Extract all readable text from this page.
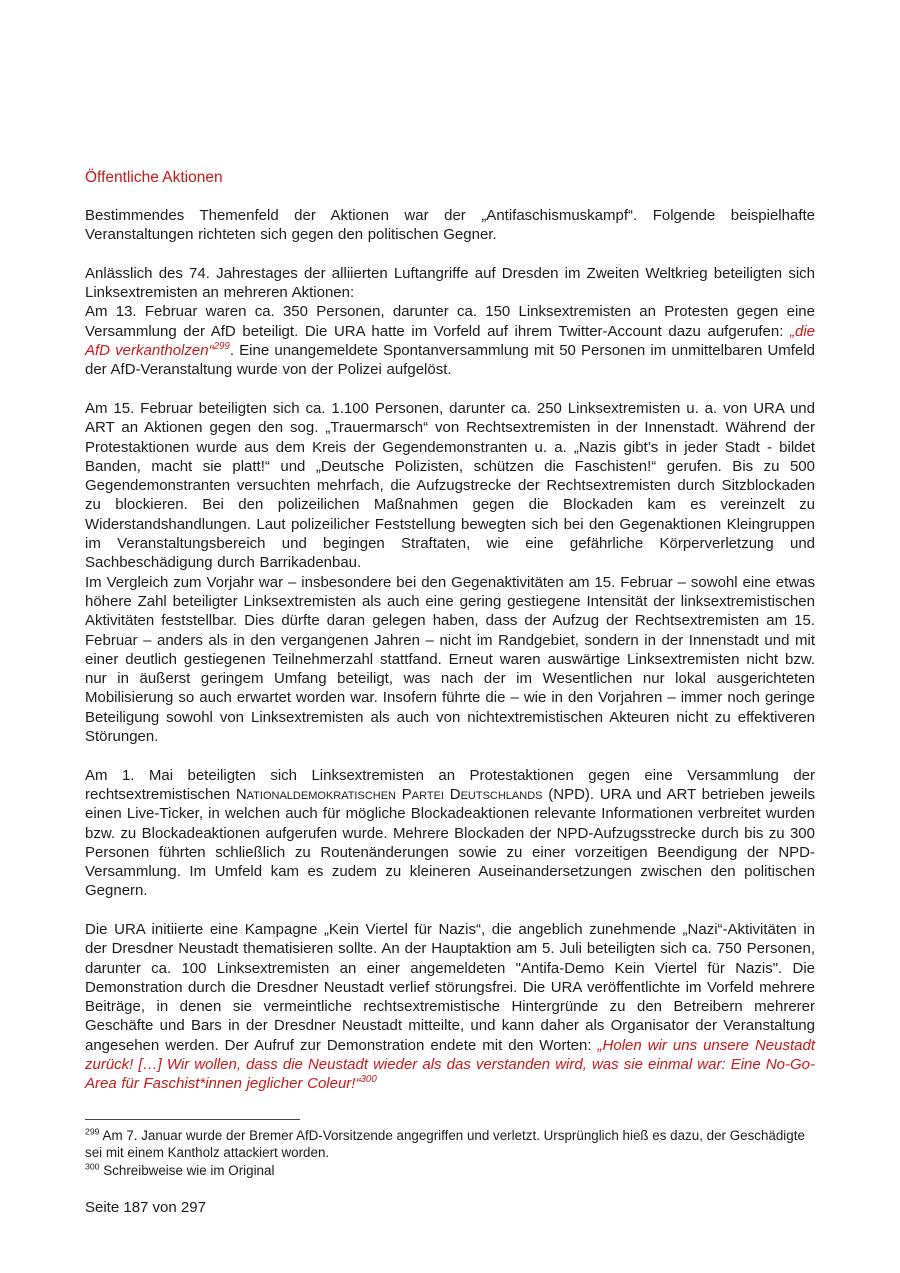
Öffentliche Aktionen

Bestimmendes Themenfeld der Aktionen war der „Antifaschismuskampf“. Folgende beispielhafte Veranstaltungen richteten sich gegen den politischen Gegner.

Anlässlich des 74. Jahrestages der alliierten Luftangriffe auf Dresden im Zweiten Weltkrieg beteiligten sich Linksextremisten an mehreren Aktionen:

Am 13. Februar waren ca. 350 Personen, darunter ca. 150 Linksextremisten an Protesten gegen eine Versammlung der AfD beteiligt. Die URA hatte im Vorfeld auf ihrem Twitter-Account dazu aufgerufen: „die AfD verkantholzen“$^{299}$. Eine unangemeldete Spontanversammlung mit 50 Personen im unmittelbaren Umfeld der AfD-Veranstaltung wurde von der Polizei aufgelöst.

Am 15. Februar beteiligten sich ca. 1.100 Personen, darunter ca. 250 Linksextremisten u. a. von URA und ART an Aktionen gegen den sog. „Trauermarsch“ von Rechtsextremisten in der Innenstadt. Während der Protestaktionen wurde aus dem Kreis der Gegendemonstranten u. a. „Nazis gibt’s in jeder Stadt - bildet Banden, macht sie platt!“ und „Deutsche Polizisten, schützen die Faschisten!“ gerufen. Bis zu 500 Gegendemonstranten versuchten mehrfach, die Aufzugstrecke der Rechtsextremisten durch Sitzblockaden zu blockieren. Bei den polizeilichen Maßnahmen gegen die Blockaden kam es vereinzelt zu Widerstandshandlungen. Laut polizeilicher Feststellung bewegten sich bei den Gegenaktionen Kleingruppen im Veranstaltungsbereich und begingen Straftaten, wie eine gefährliche Körperverletzung und Sachbeschädigung durch Barrikadenbau.

Im Vergleich zum Vorjahr war – insbesondere bei den Gegenaktivitäten am 15. Februar – sowohl eine etwas höhere Zahl beteiligter Linksextremisten als auch eine gering gestiegene Intensität der linksextremistischen Aktivitäten feststellbar. Dies dürfte daran gelegen haben, dass der Aufzug der Rechtsextremisten am 15. Februar – anders als in den vergangenen Jahren – nicht im Randgebiet, sondern in der Innenstadt und mit einer deutlich gestiegenen Teilnehmerzahl stattfand. Erneut waren auswärtige Linksextremisten nicht bzw. nur in äußerst geringem Umfang beteiligt, was nach der im Wesentlichen nur lokal ausgerichteten Mobilisierung so auch erwartet worden war. Insofern führte die – wie in den Vorjahren – immer noch geringe Beteiligung sowohl von Linksextremisten als auch von nichtextremistischen Akteuren nicht zu effektiveren Störungen.

Am 1. Mai beteiligten sich Linksextremisten an Protestaktionen gegen eine Versammlung der rechtsextremistischen Nationaldemokratischen Partei Deutschlands (NPD). URA und ART betrieben jeweils einen Live-Ticker, in welchen auch für mögliche Blockadeaktionen relevante Informationen verbreitet wurden bzw. zu Blockadeaktionen aufgerufen wurde. Mehrere Blockaden der NPD-Aufzugsstrecke durch bis zu 300 Personen führten schließlich zu Routenänderungen sowie zu einer vorzeitigen Beendigung der NPD-Versammlung. Im Umfeld kam es zudem zu kleineren Auseinandersetzungen zwischen den politischen Gegnern.

Die URA initiierte eine Kampagne „Kein Viertel für Nazis“, die angeblich zunehmende „Nazi“-Aktivitäten in der Dresdner Neustadt thematisieren sollte. An der Hauptaktion am 5. Juli beteiligten sich ca. 750 Personen, darunter ca. 100 Linksextremisten an einer angemeldeten "Antifa-Demo Kein Viertel für Nazis". Die Demonstration durch die Dresdner Neustadt verlief störungsfrei. Die URA veröffentlichte im Vorfeld mehrere Beiträge, in denen sie vermeintliche rechtsextremistische Hintergründe zu den Betreibern mehrerer Geschäfte und Bars in der Dresdner Neustadt mitteilte, und kann daher als Organisator der Veranstaltung angesehen werden. Der Aufruf zur Demonstration endete mit den Worten: „Holen wir uns unsere Neustadt zurück! […] Wir wollen, dass die Neustadt wieder als das verstanden wird, was sie einmal war: Eine No-Go-Area für Faschist*innen jeglicher Coleur!“$^{300}$

$^{299}$ Am 7. Januar wurde der Bremer AfD-Vorsitzende angegriffen und verletzt. Ursprünglich hieß es dazu, der Geschädigte sei mit einem Kantholz attackiert worden.
$^{300}$ Schreibweise wie im Original
Seite 187 von 297
